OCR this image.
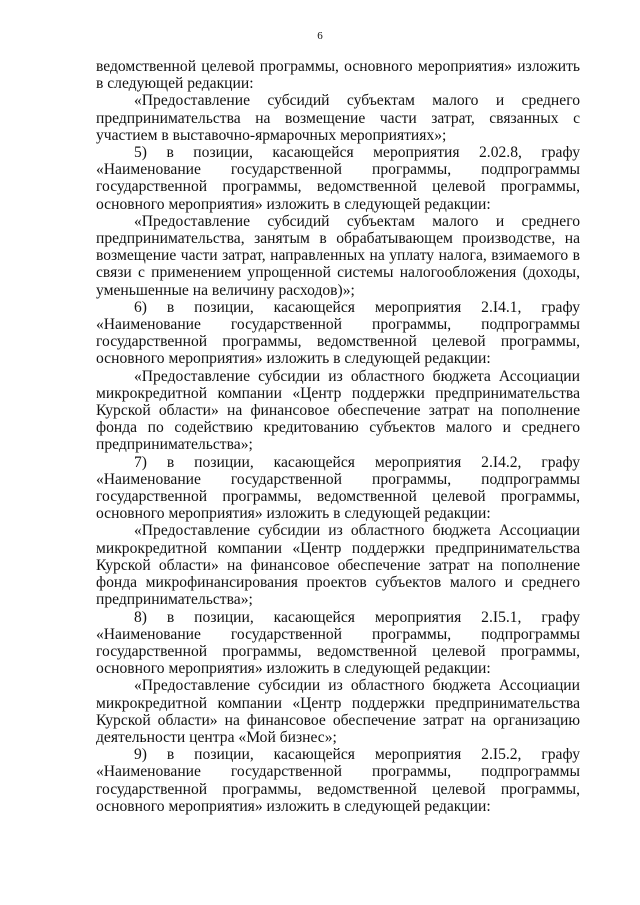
6

ведомственной целевой программы, основного мероприятия» изложить в следующей редакции:

«Предоставление субсидий субъектам малого и среднего предпринимательства на возмещение части затрат, связанных с участием в выставочно-ярмарочных мероприятиях»;

5) в позиции, касающейся мероприятия 2.02.8, графу «Наименование государственной программы, подпрограммы государственной программы, ведомственной целевой программы, основного мероприятия» изложить в следующей редакции:

«Предоставление субсидий субъектам малого и среднего предпринимательства, занятым в обрабатывающем производстве, на возмещение части затрат, направленных на уплату налога, взимаемого в связи с применением упрощенной системы налогообложения (доходы, уменьшенные на величину расходов)»;

6) в позиции, касающейся мероприятия 2.I4.1, графу «Наименование государственной программы, подпрограммы государственной программы, ведомственной целевой программы, основного мероприятия» изложить в следующей редакции:

«Предоставление субсидии из областного бюджета Ассоциации микрокредитной компании «Центр поддержки предпринимательства Курской области» на финансовое обеспечение затрат на пополнение фонда по содействию кредитованию субъектов малого и среднего предпринимательства»;

7) в позиции, касающейся мероприятия 2.I4.2, графу «Наименование государственной программы, подпрограммы государственной программы, ведомственной целевой программы, основного мероприятия» изложить в следующей редакции:

«Предоставление субсидии из областного бюджета Ассоциации микрокредитной компании «Центр поддержки предпринимательства Курской области» на финансовое обеспечение затрат на пополнение фонда микрофинансирования проектов субъектов малого и среднего предпринимательства»;

8) в позиции, касающейся мероприятия 2.I5.1, графу «Наименование государственной программы, подпрограммы государственной программы, ведомственной целевой программы, основного мероприятия» изложить в следующей редакции:

«Предоставление субсидии из областного бюджета Ассоциации микрокредитной компании «Центр поддержки предпринимательства Курской области» на финансовое обеспечение затрат на организацию деятельности центра «Мой бизнес»;

9) в позиции, касающейся мероприятия 2.I5.2, графу «Наименование государственной программы, подпрограммы государственной программы, ведомственной целевой программы, основного мероприятия» изложить в следующей редакции:
